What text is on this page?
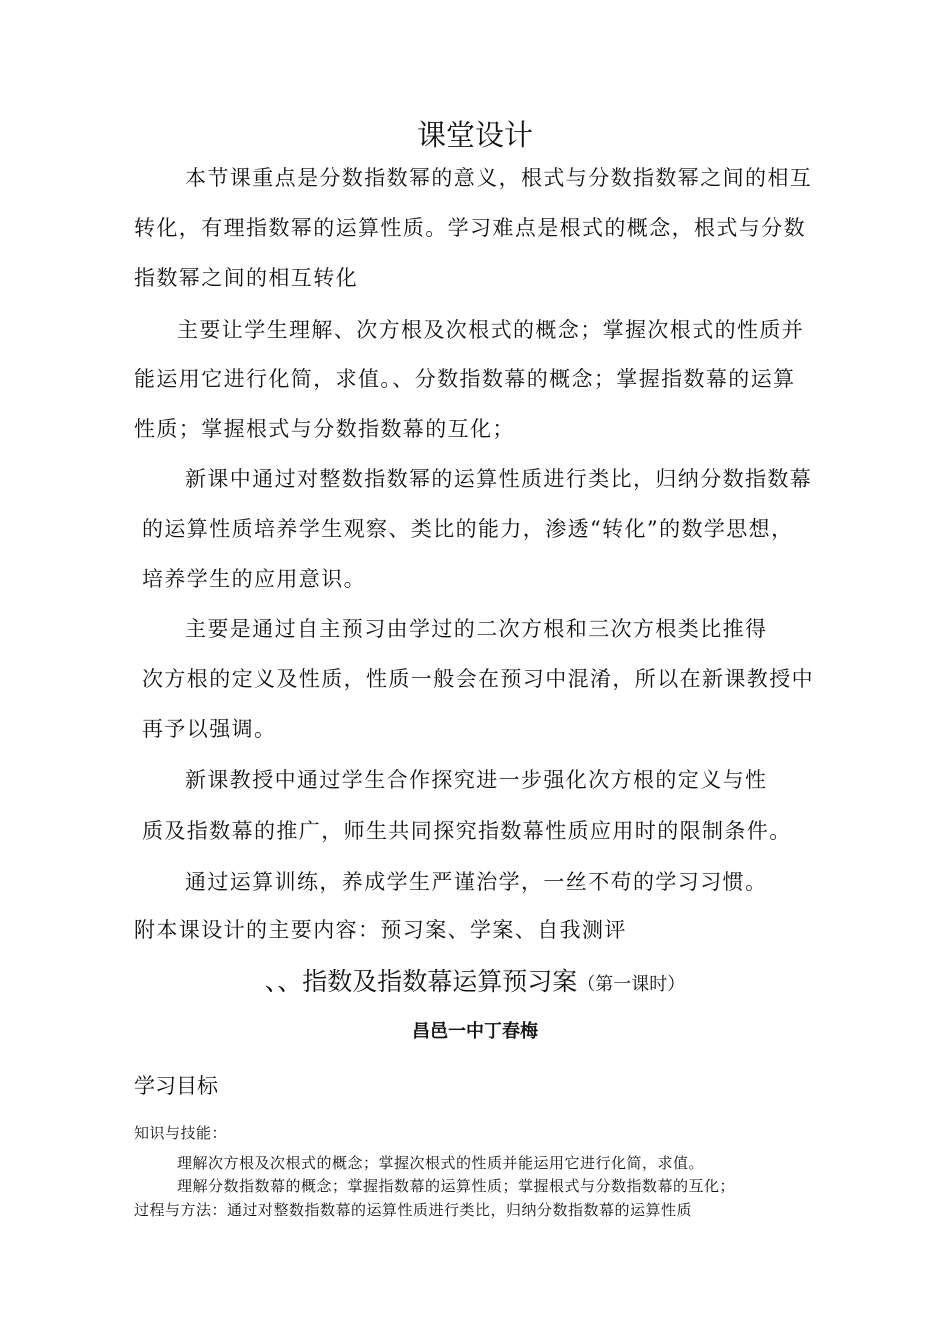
课堂设计
本节课重点是分数指数幂的意义，根式与分数指数幂之间的相互
转化，有理指数幂的运算性质。学习难点是根式的概念，根式与分数
指数幂之间的相互转化
主要让学生理解、次方根及次根式的概念；掌握次根式的性质并
能运用它进行化简，求值。、分数指数幕的概念；掌握指数幕的运算
性质；掌握根式与分数指数幕的互化；
新课中通过对整数指数幂的运算性质进行类比，归纳分数指数幕
的运算性质培养学生观察、类比的能力，渗透“转化”的数学思想，
培养学生的应用意识。
主要是通过自主预习由学过的二次方根和三次方根类比推得
次方根的定义及性质，性质一般会在预习中混淆，所以在新课教授中
再予以强调。
新课教授中通过学生合作探究进一步强化次方根的定义与性
质及指数幕的推广，师生共同探究指数幕性质应用时的限制条件。
通过运算训练，养成学生严谨治学，一丝不苟的学习习惯。
附本课设计的主要内容：预习案、学案、自我测评
、、指数及指数幕运算预习案（第一课时）
昌邑一中丁春梅
学习目标
知识与技能：
理解次方根及次根式的概念；掌握次根式的性质并能运用它进行化简，求值。
理解分数指数幕的概念；掌握指数幕的运算性质；掌握根式与分数指数幕的互化；
过程与方法：通过对整数指数幕的运算性质进行类比，归纳分数指数幕的运算性质
